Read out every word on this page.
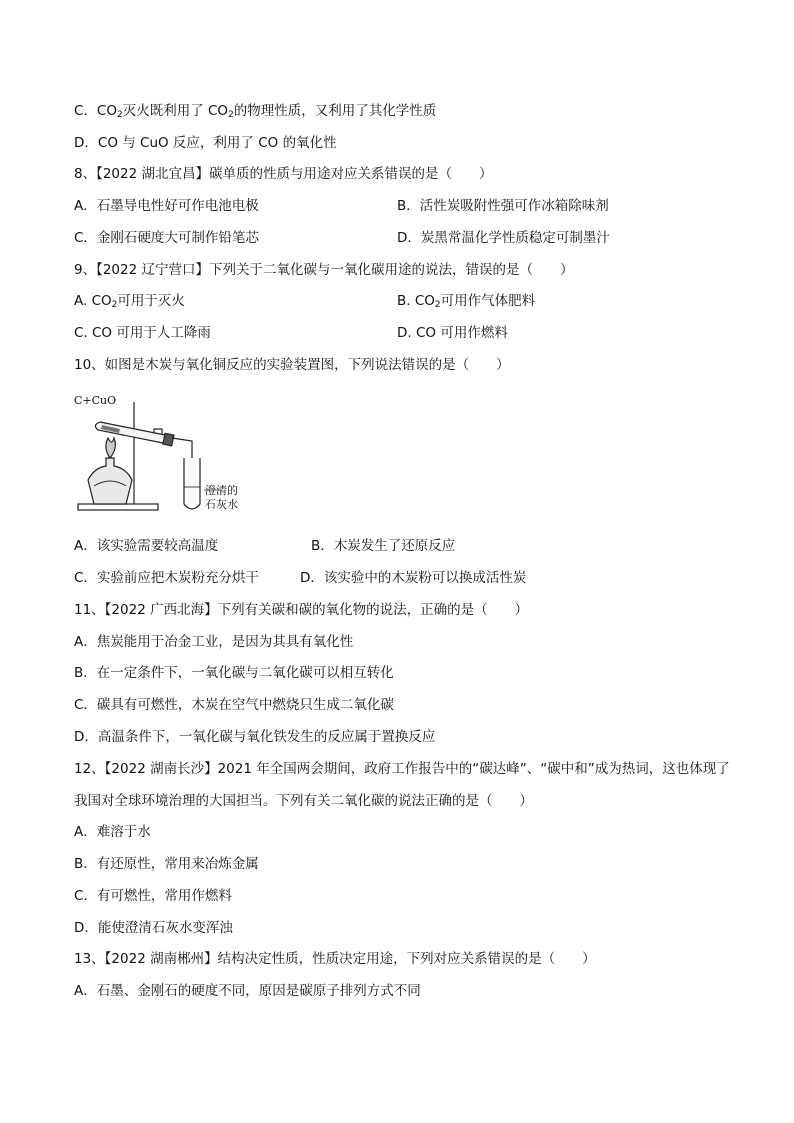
C．$CO_2$灭火既利用了 $CO_2$的物理性质，又利用了其化学性质
D．CO 与 CuO 反应，利用了 CO 的氧化性
8、【2022 湖北宜昌】碳单质的性质与用途对应关系错误的是（　　）
A．石墨导电性好可作电池电极	B．活性炭吸附性强可作冰箱除味剂
C．金刚石硬度大可制作铅笔芯	D．炭黑常温化学性质稳定可制墨汁
9、【2022 辽宁营口】下列关于二氧化碳与一氧化碳用途的说法，错误的是（　　）
A. $CO_2$可用于灭火	B. $CO_2$可用作气体肥料
C. CO 可用于人工降雨	D. CO 可用作燃料
10、如图是木炭与氧化铜反应的实验装置图，下列说法错误的是（　　）
C+CuO
澄清的
石灰水
A．该实验需要较高温度	B．木炭发生了还原反应
C．实验前应把木炭粉充分烘干	D．该实验中的木炭粉可以换成活性炭
11、【2022 广西北海】下列有关碳和碳的氧化物的说法，正确的是（　　）
A．焦炭能用于冶金工业，是因为其具有氧化性
B．在一定条件下，一氧化碳与二氧化碳可以相互转化
C．碳具有可燃性，木炭在空气中燃烧只生成二氧化碳
D．高温条件下，一氧化碳与氧化铁发生的反应属于置换反应
12、【2022 湖南长沙】2021 年全国两会期间，政府工作报告中的“碳达峰”、“碳中和”成为热词，这也体现了
我国对全球环境治理的大国担当。下列有关二氧化碳的说法正确的是（　　）
A．难溶于水
B．有还原性，常用来冶炼金属
C．有可燃性，常用作燃料
D．能使澄清石灰水变浑浊
13、【2022 湖南郴州】结构决定性质，性质决定用途，下列对应关系错误的是（　　）
A．石墨、金刚石的硬度不同，原因是碳原子排列方式不同
